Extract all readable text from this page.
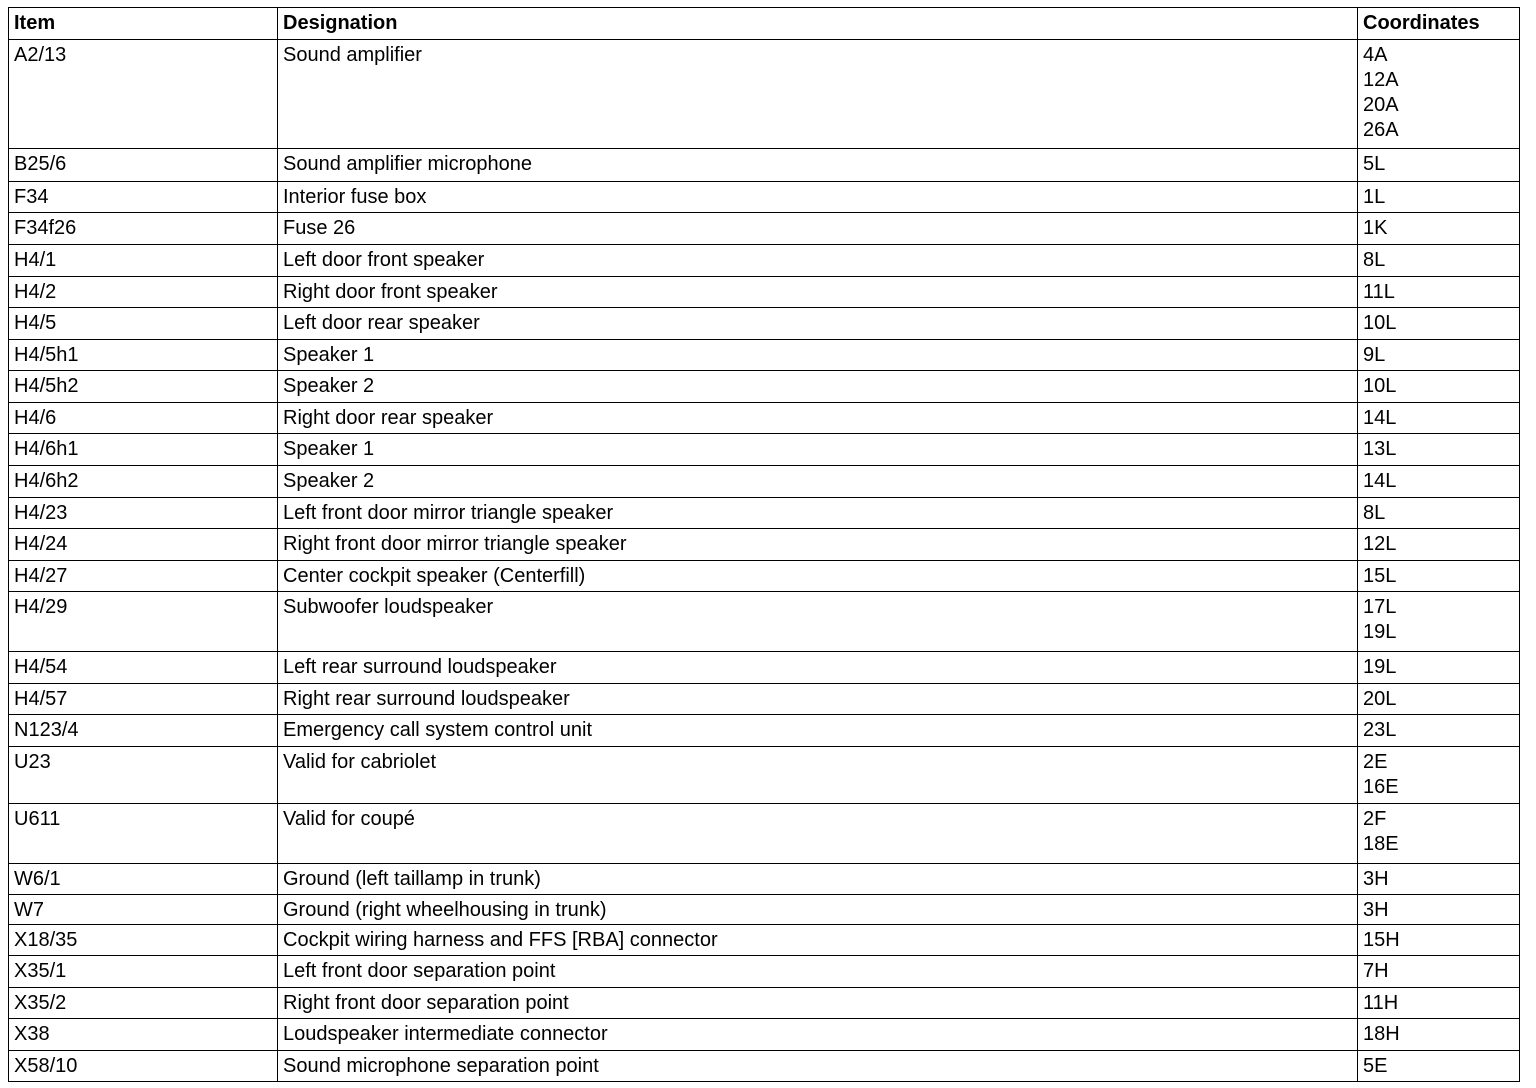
Item	Designation	Coordinates
A2/13	Sound amplifier	4A
12A
20A
26A

B25/6	Sound amplifier microphone	5L

F34	Interior fuse box	1L

F34f26	Fuse 26	1K

H4/1	Left door front speaker	8L

H4/2	Right door front speaker	11L

H4/5	Left door rear speaker	10L

H4/5h1	Speaker 1	9L

H4/5h2	Speaker 2	10L

H4/6	Right door rear speaker	14L

H4/6h1	Speaker 1	13L

H4/6h2	Speaker 2	14L

H4/23	Left front door mirror triangle speaker	8L

H4/24	Right front door mirror triangle speaker	12L

H4/27	Center cockpit speaker (Centerfill)	15L

H4/29	Subwoofer loudspeaker	17L
19L

H4/54	Left rear surround loudspeaker	19L

H4/57	Right rear surround loudspeaker	20L

N123/4	Emergency call system control unit	23L

U23	Valid for cabriolet	2E
16E

U611	Valid for coupé	2F
18E

W6/1	Ground (left taillamp in trunk)	3H

W7	Ground (right wheelhousing in trunk)	3H

X18/35	Cockpit wiring harness and FFS [RBA] connector	15H

X35/1	Left front door separation point	7H

X35/2	Right front door separation point	11H

X38	Loudspeaker intermediate connector	18H

X58/10	Sound microphone separation point	5E
